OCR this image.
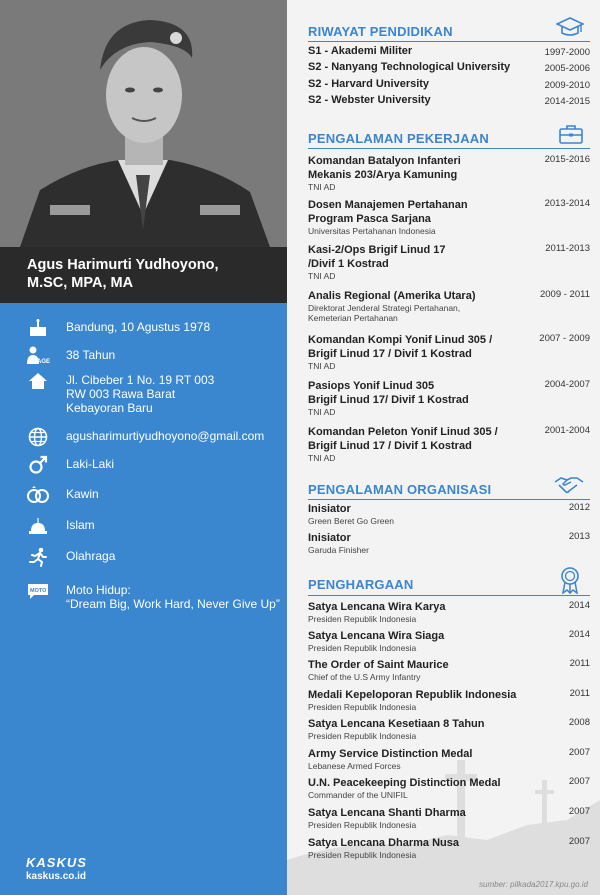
Agus Harimurti Yudhoyono,
M.SC, MPA, MA
Bandung, 10 Agustus 1978
AGE 38 Tahun
Jl. Cibeber 1 No. 19 RT 003
RW 003 Rawa Barat
Kebayoran Baru
agusharimurtiyudhoyono@gmail.com
Laki-Laki
Kawin
Islam
Olahraga
MOTO Moto Hidup:
“Dream Big, Work Hard, Never Give Up”
KASKUS
kaskus.co.id
RIWAYAT PENDIDIKAN
S1 - Akademi Militer	1997-2000
S2 - Nanyang Technological University	2005-2006
S2 - Harvard University	2009-2010
S2 - Webster University	2014-2015
PENGALAMAN PEKERJAAN
Komandan Batalyon Infanteri
Mekanis 203/Arya Kamuning
TNI AD
2015-2016
Dosen Manajemen Pertahanan
Program Pasca Sarjana
Universitas Pertahanan Indonesia
2013-2014
Kasi-2/Ops Brigif Linud 17
/Divif 1 Kostrad
TNI AD
2011-2013
Analis Regional (Amerika Utara)
Direktorat Jenderal Strategi Pertahanan,
Kemeterian Pertahanan
2009 - 2011
Komandan Kompi Yonif Linud 305 /
Brigif Linud 17 / Divif 1 Kostrad
TNI AD
2007 - 2009
Pasiops Yonif Linud 305
Brigif Linud 17/ Divif 1 Kostrad
TNI AD
2004-2007
Komandan Peleton Yonif Linud 305 /
Brigif Linud 17 / Divif 1 Kostrad
TNI AD
2001-2004
PENGALAMAN ORGANISASI
Inisiator
Green Beret Go Green
2012
Inisiator
Garuda Finisher
2013
PENGHARGAAN
Satya Lencana Wira Karya
Presiden Republik Indonesia
2014
Satya Lencana Wira Siaga
Presiden Republik Indonesia
2014
The Order of Saint Maurice
Chief of the U.S Army Infantry
2011
Medali Kepeloporan Republik Indonesia
Presiden Republik Indonesia
2011
Satya Lencana Kesetiaan 8 Tahun
Presiden Republik Indonesia
2008
Army Service Distinction Medal
Lebanese Armed Forces
2007
U.N. Peacekeeping Distinction Medal
Commander of the UNIFIL
2007
Satya Lencana Shanti Dharma
Presiden Republik Indonesia
2007
Satya Lencana Dharma Nusa
Presiden Republik Indonesia
2007
sumber: pilkada2017.kpu.go.id
